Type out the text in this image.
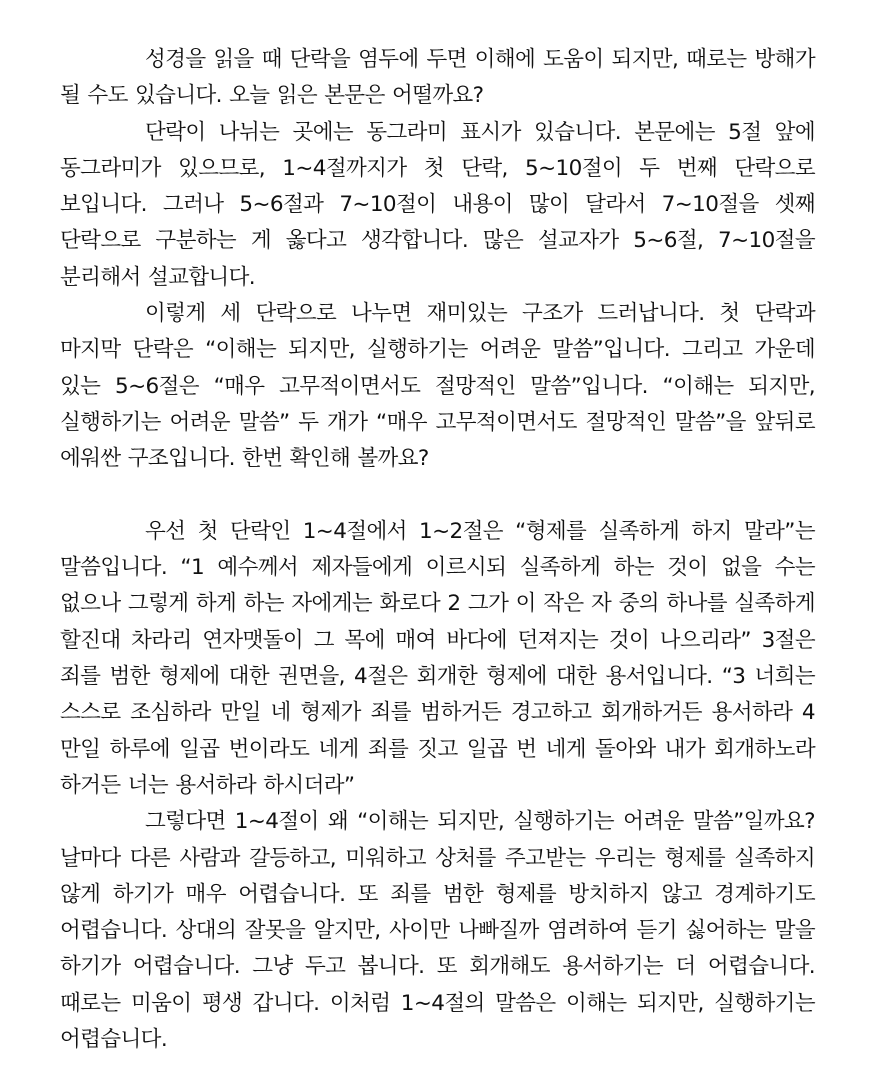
성경을 읽을 때 단락을 염두에 두면 이해에 도움이 되지만, 때로는 방해가 될 수도 있습니다. 오늘 읽은 본문은 어떨까요?

단락이 나뉘는 곳에는 동그라미 표시가 있습니다. 본문에는 5절 앞에 동그라미가 있으므로, 1~4절까지가 첫 단락, 5~10절이 두 번째 단락으로 보입니다. 그러나 5~6절과 7~10절이 내용이 많이 달라서 7~10절을 셋째 단락으로 구분하는 게 옳다고 생각합니다. 많은 설교자가 5~6절, 7~10절을 분리해서 설교합니다.

이렇게 세 단락으로 나누면 재미있는 구조가 드러납니다. 첫 단락과 마지막 단락은 “이해는 되지만, 실행하기는 어려운 말씀”입니다. 그리고 가운데 있는 5~6절은 “매우 고무적이면서도 절망적인 말씀”입니다. “이해는 되지만, 실행하기는 어려운 말씀” 두 개가 “매우 고무적이면서도 절망적인 말씀”을 앞뒤로 에워싼 구조입니다. 한번 확인해 볼까요?

우선 첫 단락인 1~4절에서 1~2절은 “형제를 실족하게 하지 말라”는 말씀입니다. “1 예수께서 제자들에게 이르시되 실족하게 하는 것이 없을 수는 없으나 그렇게 하게 하는 자에게는 화로다 2 그가 이 작은 자 중의 하나를 실족하게 할진대 차라리 연자맷돌이 그 목에 매여 바다에 던져지는 것이 나으리라” 3절은 죄를 범한 형제에 대한 권면을, 4절은 회개한 형제에 대한 용서입니다. “3 너희는 스스로 조심하라 만일 네 형제가 죄를 범하거든 경고하고 회개하거든 용서하라 4 만일 하루에 일곱 번이라도 네게 죄를 짓고 일곱 번 네게 돌아와 내가 회개하노라 하거든 너는 용서하라 하시더라”

그렇다면 1~4절이 왜 “이해는 되지만, 실행하기는 어려운 말씀”일까요? 날마다 다른 사람과 갈등하고, 미워하고 상처를 주고받는 우리는 형제를 실족하지 않게 하기가 매우 어렵습니다. 또 죄를 범한 형제를 방치하지 않고 경계하기도 어렵습니다. 상대의 잘못을 알지만, 사이만 나빠질까 염려하여 듣기 싫어하는 말을 하기가 어렵습니다. 그냥 두고 봅니다. 또 회개해도 용서하기는 더 어렵습니다. 때로는 미움이 평생 갑니다. 이처럼 1~4절의 말씀은 이해는 되지만, 실행하기는 어렵습니다.
